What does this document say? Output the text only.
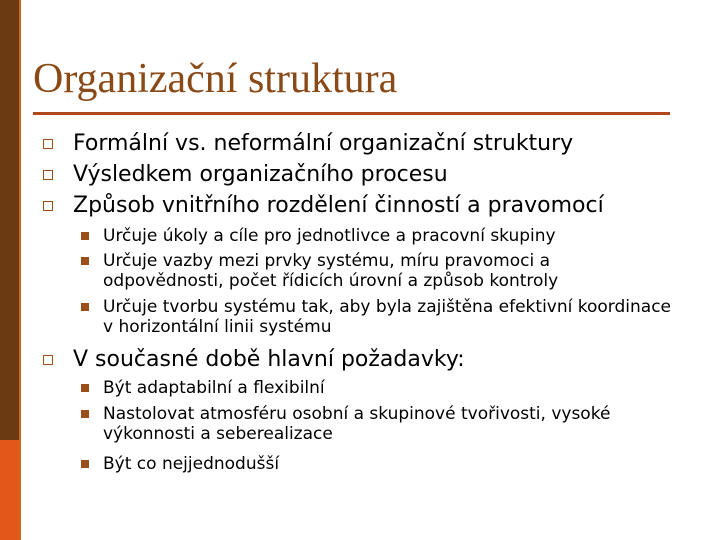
Organizační struktura
Formální vs. neformální organizační struktury
Výsledkem organizačního procesu
Způsob vnitřního rozdělení činností a pravomocí
Určuje úkoly a cíle pro jednotlivce a pracovní skupiny
Určuje vazby mezi prvky systému, míru pravomoci a odpovědnosti, počet řídicích úrovní a způsob kontroly
Určuje tvorbu systému tak, aby byla zajištěna efektivní koordinace v horizontální linii systému
V současné době hlavní požadavky:
Být adaptabilní a flexibilní
Nastolovat atmosféru osobní a skupinové tvořivosti, vysoké výkonnosti a seberealizace
Být co nejjednodušší
